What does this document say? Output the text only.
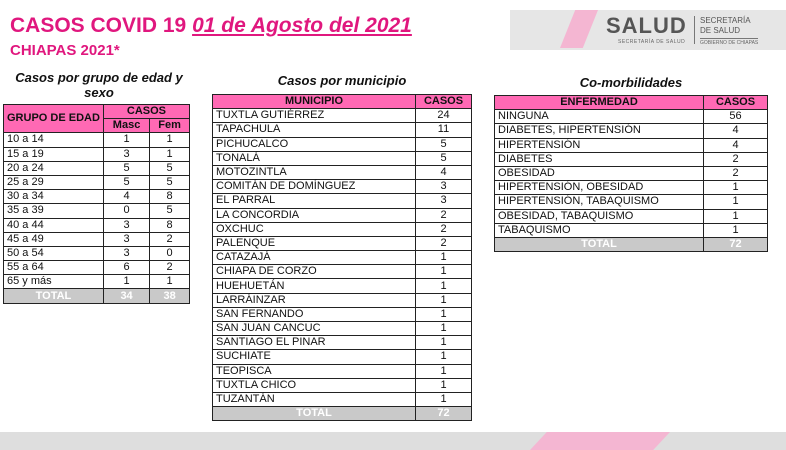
CASOS COVID 19 01 de Agosto del 2021
CHIAPAS 2021*
SALUD
SECRETARÍA DE SALUD
SECRETARÍA
DE SALUD
GOBIERNO DE CHIAPAS
Casos por grupo de edad y sexo
GRUPO DE EDAD	CASOS	
	Masc	Fem
10 a 14	1	1
15 a 19	3	1
20 a 24	5	5
25 a 29	5	5
30 a 34	4	8
35 a 39	0	5
40 a 44	3	8
45 a 49	3	2
50 a 54	3	0
55 a 64	6	2
65 y más	1	1
TOTAL	34	38
Casos por municipio
MUNICIPIO	CASOS
TUXTLA GUTIÉRREZ	24
TAPACHULA	11
PICHUCALCO	5
TONALÁ	5
MOTOZINTLA	4
COMITÁN DE DOMÍNGUEZ	3
EL PARRAL	3
LA CONCORDIA	2
OXCHUC	2
PALENQUE	2
CATAZAJÁ	1
CHIAPA DE CORZO	1
HUEHUETÁN	1
LARRÁINZAR	1
SAN FERNANDO	1
SAN JUAN CANCUC	1
SANTIAGO EL PINAR	1
SUCHIATE	1
TEOPISCA	1
TUXTLA CHICO	1
TUZANTÁN	1
TOTAL	72
Co-morbilidades
ENFERMEDAD	CASOS
NINGUNA	56
DIABETES, HIPERTENSIÓN	4
HIPERTENSIÓN	4
DIABETES	2
OBESIDAD	2
HIPERTENSIÓN, OBESIDAD	1
HIPERTENSIÓN, TABAQUISMO	1
OBESIDAD, TABAQUISMO	1
TABAQUISMO	1
TOTAL	72
